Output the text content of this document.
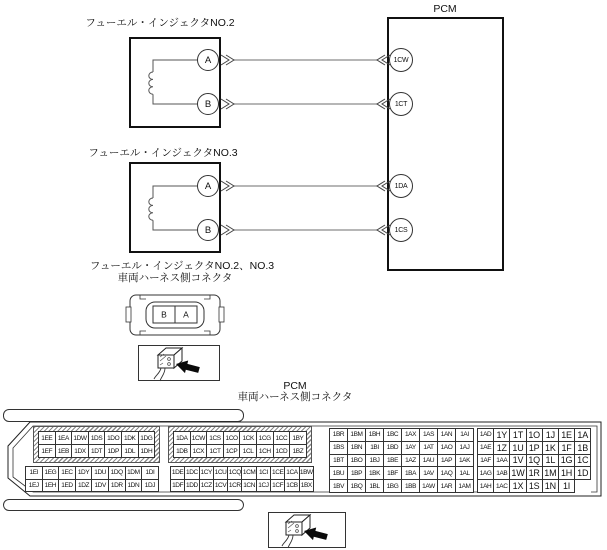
B A
A
B
A
B
1CW
1CT
1DA
1CS
フューエル・インジェクタNO.2
PCM
フューエル・インジェクタNO.3
フューエル・インジェクタNO.2、NO.3
車両ハーネス側コネクタ
PCM
車両ハーネス側コネクタ
1EE 1EA 1DW 1DS 1DO 1DK 1DG
1EF 1EB 1DX 1DT 1DP 1DL 1DH
1DA 1CW 1CS 1CO 1CK 1CG 1CC 1BY
1DB 1CX 1CT 1CP 1CL 1CH 1CD 1BZ
1EI 1EG 1EC 1DY 1DU 1DQ 1DM 1DI
1EJ 1EH 1ED 1DZ 1DV 1DR 1DN 1DJ
1DE 1DC 1CY 1CU 1CQ 1CM 1CI 1CE 1CA 1BW
1DF 1DD 1CZ 1CV 1CR 1CN 1CJ 1CF 1CB 1BX
1BR 1BM 1BH	1BC	1AX	1AS	1AN	1AI
1BS	1BN	1BI	1BD	1AY	1AT	1AO	1AJ
1BT	1BO	1BJ	1BE	1AZ	1AU	1AP	1AK
1BU	1BP	1BK	1BF	1BA	1AV	1AQ	1AL
1BV	1BQ	1BL	1BG	1BB 1AW 1AR 1AM
1AD 1Y 1T 1O 1J 1E 1A
1AE 1Z 1U 1P 1K 1F 1B
1AF 1AA 1V 1Q 1L 1G 1C
1AG 1AB 1W 1R 1M 1H 1D
1AH 1AC 1X 1S 1N 1I
